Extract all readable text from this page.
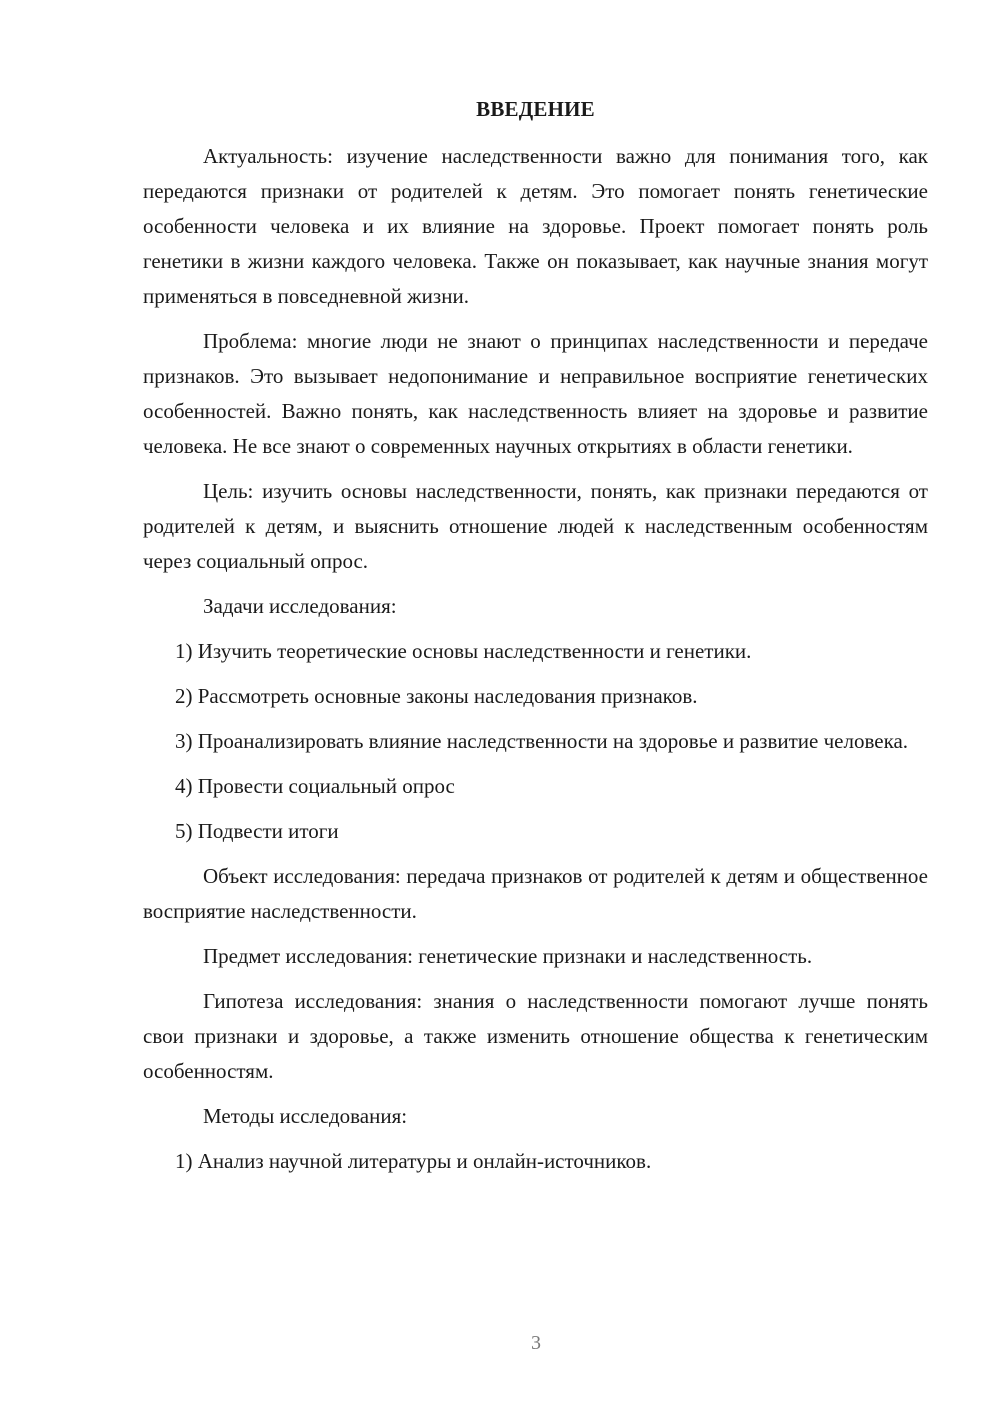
ВВЕДЕНИЕ

Актуальность: изучение наследственности важно для понимания того, как передаются признаки от родителей к детям. Это помогает понять генетические особенности человека и их влияние на здоровье. Проект помогает понять роль генетики в жизни каждого человека. Также он показывает, как научные знания могут применяться в повседневной жизни.

Проблема: многие люди не знают о принципах наследственности и передаче признаков. Это вызывает недопонимание и неправильное восприятие генетических особенностей. Важно понять, как наследственность влияет на здоровье и развитие человека. Не все знают о современных научных открытиях в области генетики.

Цель: изучить основы наследственности, понять, как признаки передаются от родителей к детям, и выяснить отношение людей к наследственным особенностям через социальный опрос.

Задачи исследования:

1) Изучить теоретические основы наследственности и генетики.

2) Рассмотреть основные законы наследования признаков.

3) Проанализировать влияние наследственности на здоровье и развитие человека.

4) Провести социальный опрос

5) Подвести итоги

Объект исследования: передача признаков от родителей к детям и общественное восприятие наследственности.

Предмет исследования: генетические признаки и наследственность.

Гипотеза исследования: знания о наследственности помогают лучше понять свои признаки и здоровье, а также изменить отношение общества к генетическим особенностям.

Методы исследования:

1) Анализ научной литературы и онлайн-источников.

3
